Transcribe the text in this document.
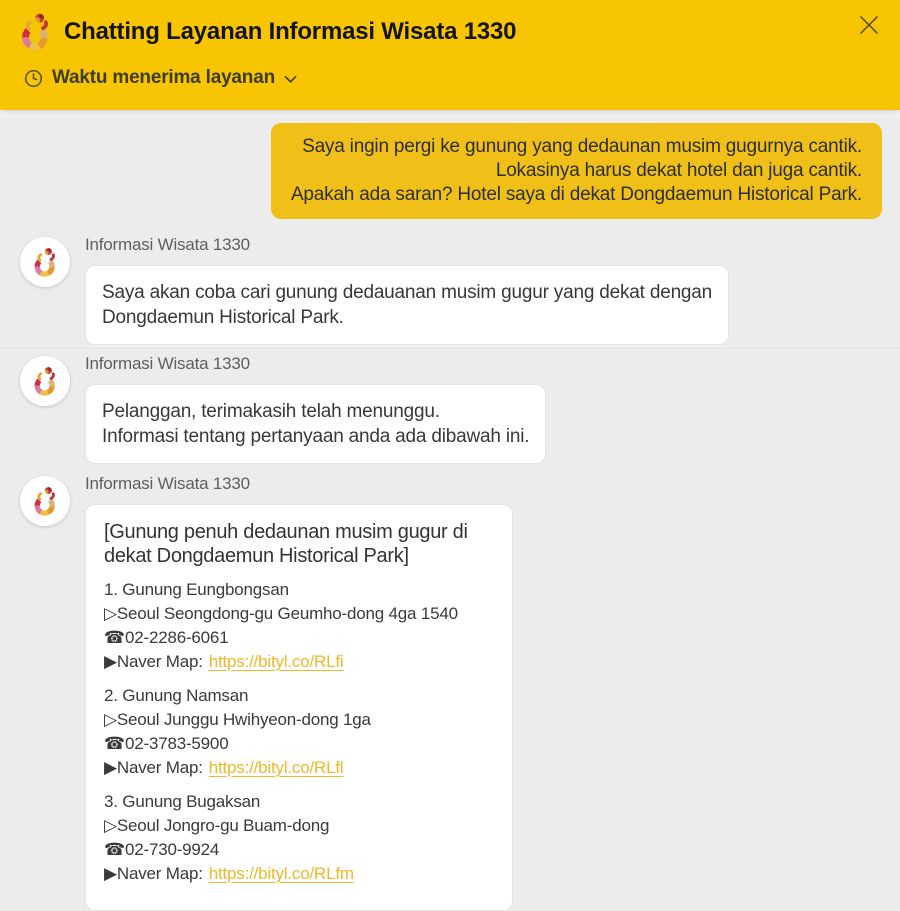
Chatting Layanan Informasi Wisata 1330
Waktu menerima layanan
Saya ingin pergi ke gunung yang dedaunan musim gugurnya cantik.
Lokasinya harus dekat hotel dan juga cantik.
Apakah ada saran? Hotel saya di dekat Dongdaemun Historical Park.
Informasi Wisata 1330
Saya akan coba cari gunung dedauanan musim gugur yang dekat dengan
Dongdaemun Historical Park.
Informasi Wisata 1330
Pelanggan, terimakasih telah menunggu.
Informasi tentang pertanyaan anda ada dibawah ini.
Informasi Wisata 1330
[Gunung penuh dedaunan musim gugur di dekat Dongdaemun Historical Park]
1. Gunung Eungbongsan
▷Seoul Seongdong-gu Geumho-dong 4ga 1540
☎02-2286-6061
▶Naver Map: https://bityl.co/RLfi
2. Gunung Namsan
▷Seoul Junggu Hwihyeon-dong 1ga
☎02-3783-5900
▶Naver Map: https://bityl.co/RLfl
3. Gunung Bugaksan
▷Seoul Jongro-gu Buam-dong
☎02-730-9924
▶Naver Map: https://bityl.co/RLfm
